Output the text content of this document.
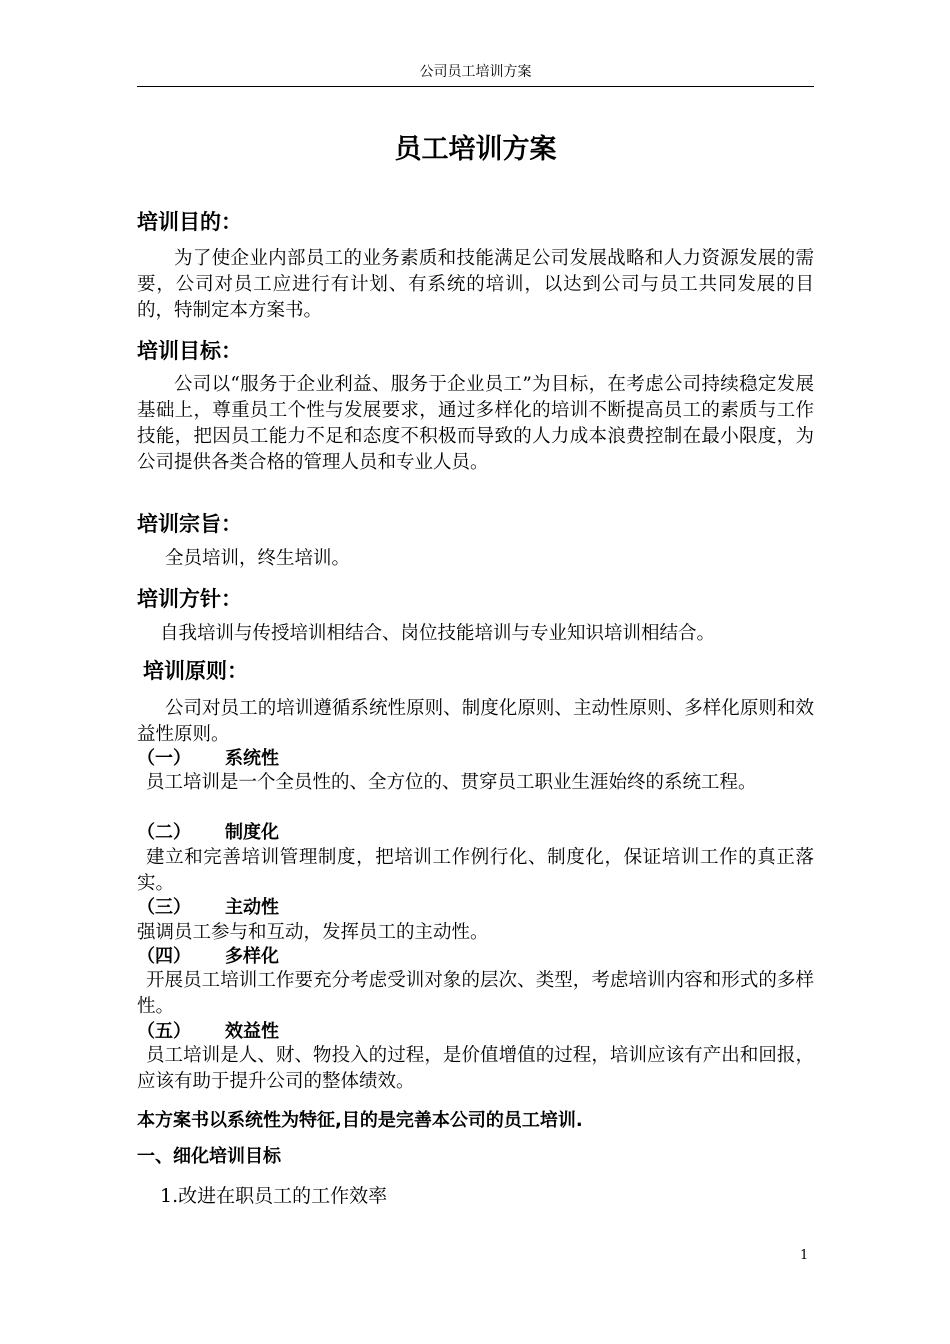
公司员工培训方案
员工培训方案
培训目的：
为了使企业内部员工的业务素质和技能满足公司发展战略和人力资源发展的需要，公司对员工应进行有计划、有系统的培训，以达到公司与员工共同发展的目的，特制定本方案书。
培训目标：
公司以“服务于企业利益、服务于企业员工”为目标，在考虑公司持续稳定发展基础上，尊重员工个性与发展要求，通过多样化的培训不断提高员工的素质与工作技能，把因员工能力不足和态度不积极而导致的人力成本浪费控制在最小限度，为公司提供各类合格的管理人员和专业人员。
培训宗旨：
全员培训，终生培训。
培训方针：
自我培训与传授培训相结合、岗位技能培训与专业知识培训相结合。
培训原则：
公司对员工的培训遵循系统性原则、制度化原则、主动性原则、多样化原则和效益性原则。
（一） 系统性
员工培训是一个全员性的、全方位的、贯穿员工职业生涯始终的系统工程。
（二） 制度化
建立和完善培训管理制度，把培训工作例行化、制度化，保证培训工作的真正落实。
（三） 主动性
强调员工参与和互动，发挥员工的主动性。
（四） 多样化
开展员工培训工作要充分考虑受训对象的层次、类型，考虑培训内容和形式的多样性。
（五） 效益性
员工培训是人、财、物投入的过程，是价值增值的过程，培训应该有产出和回报，应该有助于提升公司的整体绩效。
本方案书以系统性为特征,目的是完善本公司的员工培训.
一、细化培训目标
1.改进在职员工的工作效率
1
